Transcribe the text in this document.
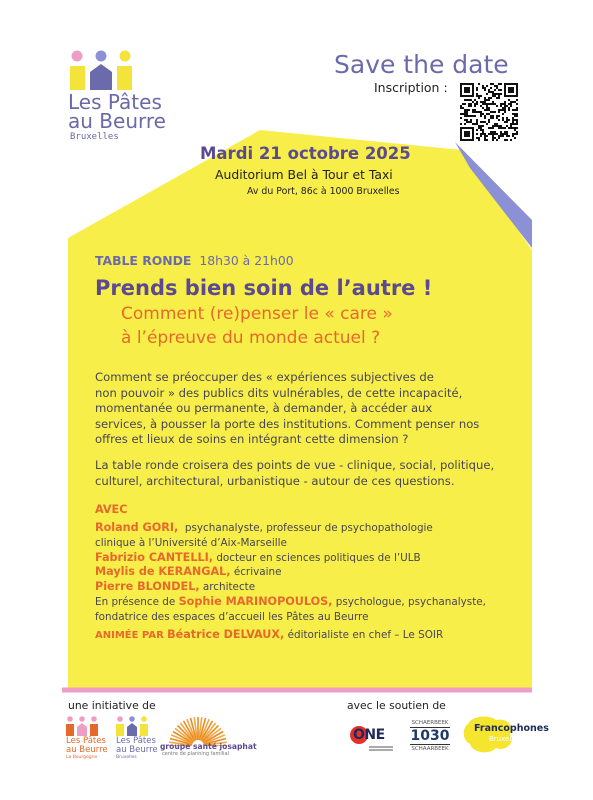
Les Pâtes
au Beurre
Bruxelles
Save the date
Inscription :
Mardi 21 octobre 2025
Auditorium Bel à Tour et Taxi
Av du Port, 86c à 1000 Bruxelles
TABLE RONDE 18h30 à 21h00
Prends bien soin de l’autre !
Comment (re)penser le « care »
à l’épreuve du monde actuel ?
Comment se préoccuper des « expériences subjectives de
non pouvoir » des publics dits vulnérables, de cette incapacité,
momentanée ou permanente, à demander, à accéder aux
services, à pousser la porte des institutions. Comment penser nos
offres et lieux de soins en intégrant cette dimension ?
La table ronde croisera des points de vue - clinique, social, politique,
culturel, architectural, urbanistique - autour de ces questions.
AVEC
Roland GORI, psychanalyste, professeur de psychopathologie
clinique à l’Université d’Aix-Marseille
Fabrizio CANTELLI, docteur en sciences politiques de l’ULB
Maylis de KERANGAL, écrivaine
Pierre BLONDEL, architecte
En présence de Sophie MARINOPOULOS, psychologue, psychanalyste,
fondatrice des espaces d’accueil les Pâtes au Beurre
ANIMÉE PAR Béatrice DELVAUX, éditorialiste en chef – Le SOIR
une initiative de	avec le soutien de
Les Pâtes
au Beurre
La Bourgogne
Les Pâtes
au Beurre
Bruxelles
groupe santé josaphat
centre de planning familial
ONE
SCHAERBEEK
1030
SCHAARBEEK
Francophones
Bruxelles
